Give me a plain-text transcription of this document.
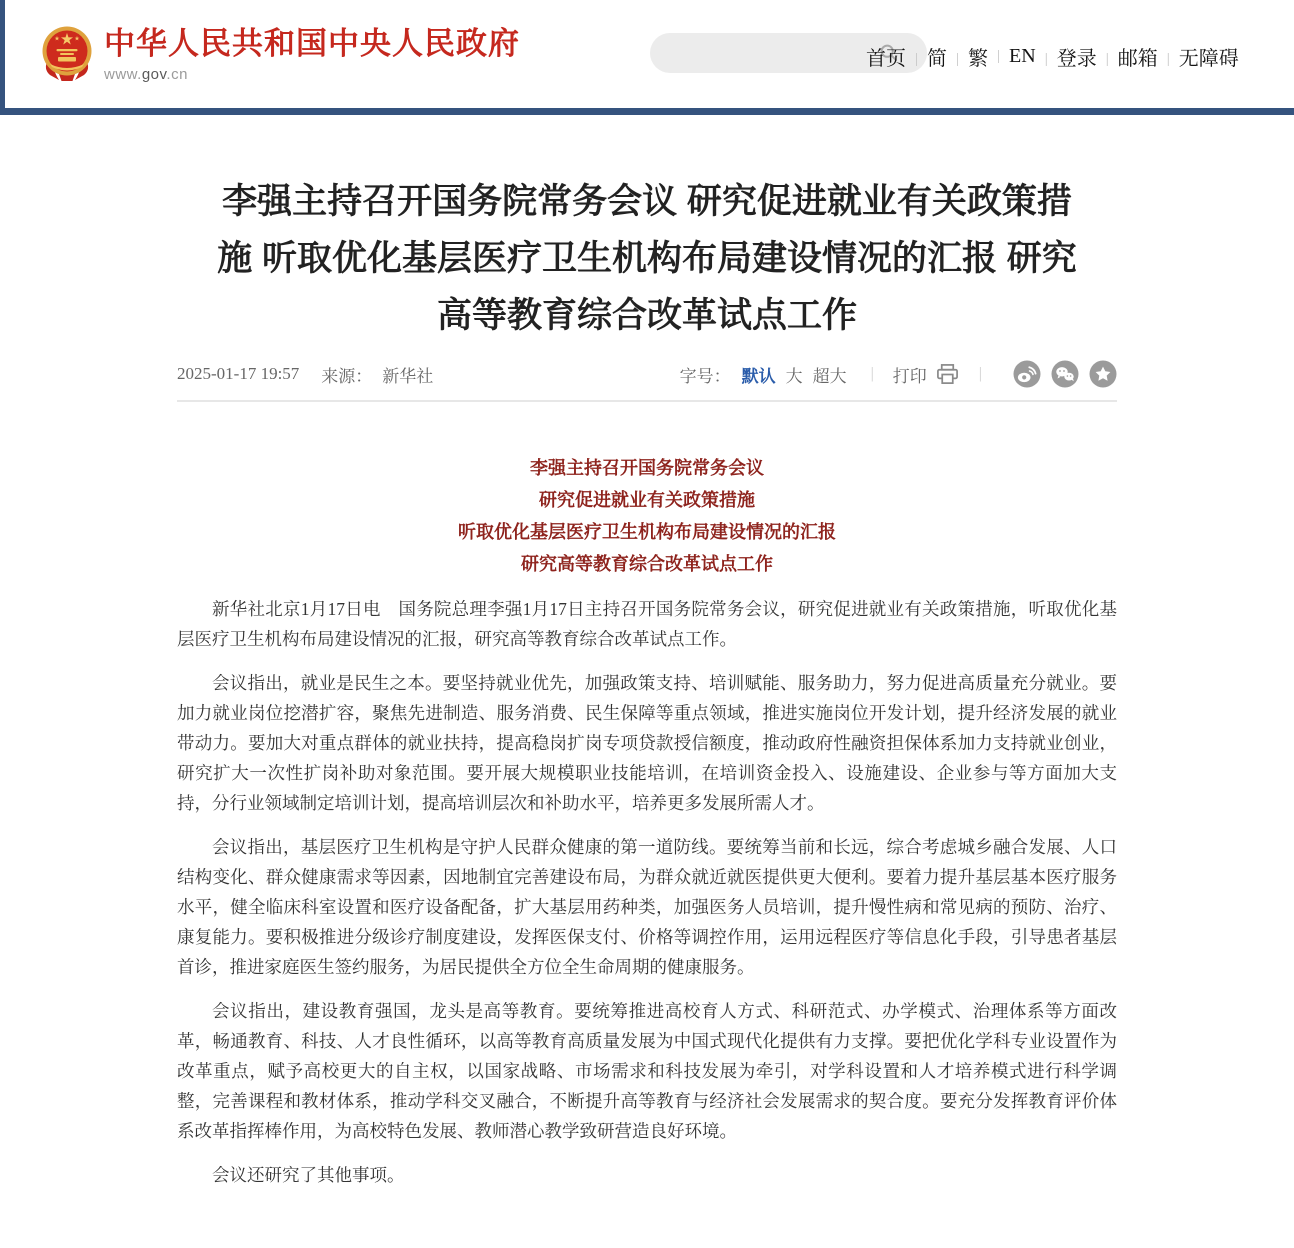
★
★	★ 中华人民共和国中央人民政府
www.gov.cn
首页	| 简	| 繁	| EN	| 登录	| 邮箱	| 无障碍
李强主持召开国务院常务会议 研究促进就业有关政策措
施 听取优化基层医疗卫生机构布局建设情况的汇报 研究
高等教育综合改革试点工作
2025-01-17 19:57 来源： 新华社	字号： 默认 大 超大 | 打印	|
李强主持召开国务院常务会议
研究促进就业有关政策措施
听取优化基层医疗卫生机构布局建设情况的汇报
研究高等教育综合改革试点工作

新华社北京1月17日电　国务院总理李强1月17日主持召开国务院常务会议，研究促进就业有关政策措施，听取优化基层医疗卫生机构布局建设情况的汇报，研究高等教育综合改革试点工作。

会议指出，就业是民生之本。要坚持就业优先，加强政策支持、培训赋能、服务助力，努力促进高质量充分就业。要加力就业岗位挖潜扩容，聚焦先进制造、服务消费、民生保障等重点领域，推进实施岗位开发计划，提升经济发展的就业带动力。要加大对重点群体的就业扶持，提高稳岗扩岗专项贷款授信额度，推动政府性融资担保体系加力支持就业创业，研究扩大一次性扩岗补助对象范围。要开展大规模职业技能培训，在培训资金投入、设施建设、企业参与等方面加大支持，分行业领域制定培训计划，提高培训层次和补助水平，培养更多发展所需人才。

会议指出，基层医疗卫生机构是守护人民群众健康的第一道防线。要统筹当前和长远，综合考虑城乡融合发展、人口结构变化、群众健康需求等因素，因地制宜完善建设布局，为群众就近就医提供更大便利。要着力提升基层基本医疗服务水平，健全临床科室设置和医疗设备配备，扩大基层用药种类，加强医务人员培训，提升慢性病和常见病的预防、治疗、康复能力。要积极推进分级诊疗制度建设，发挥医保支付、价格等调控作用，运用远程医疗等信息化手段，引导患者基层首诊，推进家庭医生签约服务，为居民提供全方位全生命周期的健康服务。

会议指出，建设教育强国，龙头是高等教育。要统筹推进高校育人方式、科研范式、办学模式、治理体系等方面改革，畅通教育、科技、人才良性循环，以高等教育高质量发展为中国式现代化提供有力支撑。要把优化学科专业设置作为改革重点，赋予高校更大的自主权，以国家战略、市场需求和科技发展为牵引，对学科设置和人才培养模式进行科学调整，完善课程和教材体系，推动学科交叉融合，不断提升高等教育与经济社会发展需求的契合度。要充分发挥教育评价体系改革指挥棒作用，为高校特色发展、教师潜心教学致研营造良好环境。

会议还研究了其他事项。
